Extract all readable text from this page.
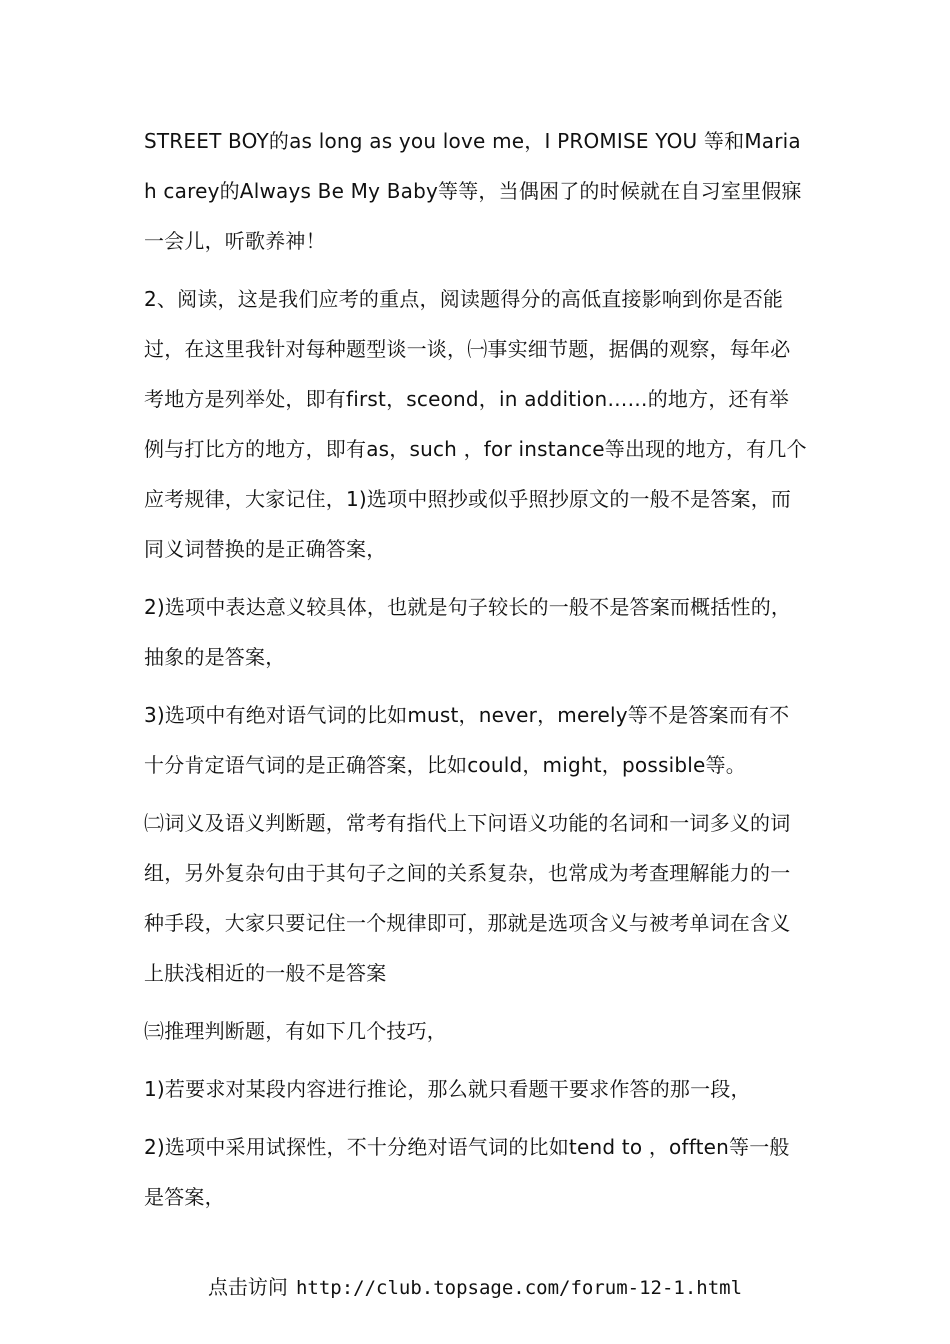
STREET BOY的as long as you love me，I PROMISE YOU 等和Mariah carey的Always Be My Baby等等，当偶困了的时候就在自习室里假寐一会儿，听歌养神！

2、阅读，这是我们应考的重点，阅读题得分的高低直接影响到你是否能过，在这里我针对每种题型谈一谈，㈠事实细节题，据偶的观察，每年必考地方是列举处，即有first，sceond，in addition……的地方，还有举例与打比方的地方，即有as，such ，for instance等出现的地方，有几个应考规律，大家记住，1)选项中照抄或似乎照抄原文的一般不是答案，而同义词替换的是正确答案，

2)选项中表达意义较具体，也就是句子较长的一般不是答案而概括性的，抽象的是答案，

3)选项中有绝对语气词的比如must，never，merely等不是答案而有不十分肯定语气词的是正确答案，比如could，might，possible等。

㈡词义及语义判断题，常考有指代上下问语义功能的名词和一词多义的词组，另外复杂句由于其句子之间的关系复杂，也常成为考查理解能力的一种手段，大家只要记住一个规律即可，那就是选项含义与被考单词在含义上肤浅相近的一般不是答案

㈢推理判断题，有如下几个技巧，

1)若要求对某段内容进行推论，那么就只看题干要求作答的那一段，

2)选项中采用试探性，不十分绝对语气词的比如tend to ，offten等一般是答案，

点击访问 http://club.topsage.com/forum-12-1.html
